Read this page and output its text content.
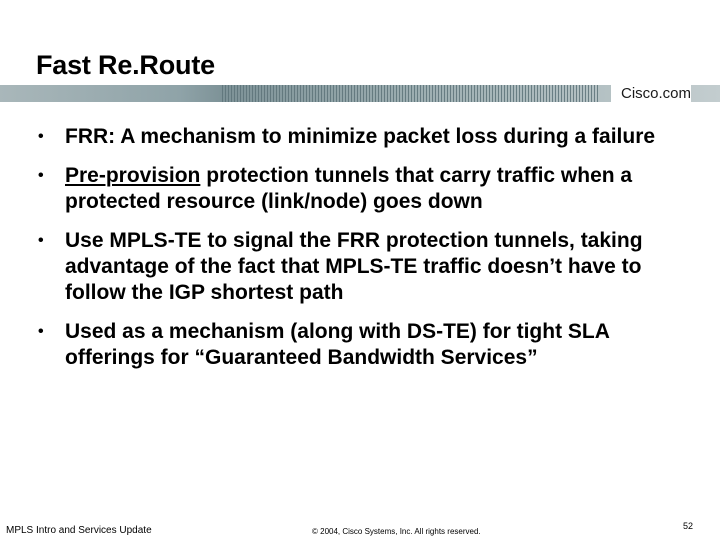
Fast Re.Route
Cisco.com
• FRR: A mechanism to minimize packet loss during a failure
• Pre-provision protection tunnels that carry traffic when a protected resource (link/node) goes down
• Use MPLS-TE to signal the FRR protection tunnels, taking advantage of the fact that MPLS-TE traffic doesn’t have to follow the IGP shortest path
• Used as a mechanism (along with DS-TE) for tight SLA offerings for “Guaranteed Bandwidth Services”
MPLS Intro and Services Update	© 2004, Cisco Systems, Inc. All rights reserved.
52
